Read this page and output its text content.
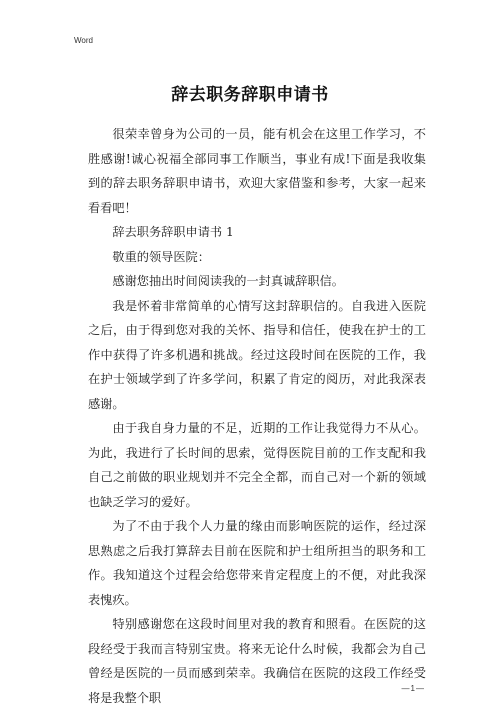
Word
辞去职务辞职申请书

很荣幸曾身为公司的一员，能有机会在这里工作学习，不胜感谢!诚心祝福全部同事工作顺当，事业有成!下面是我收集到的辞去职务辞职申请书，欢迎大家借鉴和参考，大家一起来看看吧！

辞去职务辞职申请书 1

敬重的领导医院：

感谢您抽出时间阅读我的一封真诚辞职信。

我是怀着非常简单的心情写这封辞职信的。自我进入医院之后，由于得到您对我的关怀、指导和信任，使我在护士的工作中获得了许多机遇和挑战。经过这段时间在医院的工作，我在护士领域学到了许多学问，积累了肯定的阅历，对此我深表感谢。

由于我自身力量的不足，近期的工作让我觉得力不从心。为此，我进行了长时间的思索，觉得医院目前的工作支配和我自己之前做的职业规划并不完全全都，而自己对一个新的领域也缺乏学习的爱好。

为了不由于我个人力量的缘由而影响医院的运作，经过深思熟虑之后我打算辞去目前在医院和护士组所担当的职务和工作。我知道这个过程会给您带来肯定程度上的不便，对此我深表愧疚。

特别感谢您在这段时间里对我的教育和照看。在医院的这段经受于我而言特别宝贵。将来无论什么时候，我都会为自己曾经是医院的一员而感到荣幸。我确信在医院的这段工作经受将是我整个职

—1—
